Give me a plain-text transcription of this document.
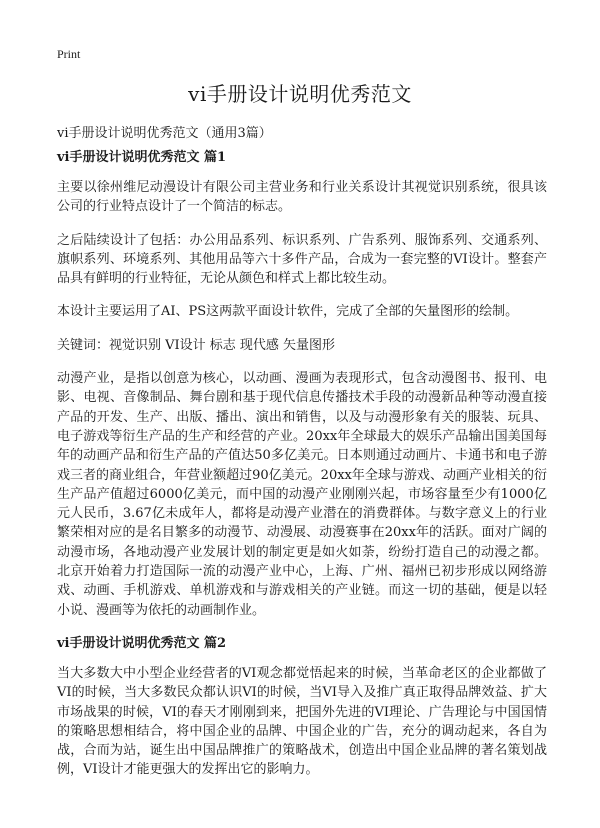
Print
vi手册设计说明优秀范文

vi手册设计说明优秀范文（通用3篇）

vi手册设计说明优秀范文 篇1

主要以徐州维尼动漫设计有限公司主营业务和行业关系设计其视觉识别系统，很具该公司的行业特点设计了一个简洁的标志。

之后陆续设计了包括：办公用品系列、标识系列、广告系列、服饰系列、交通系列、旗帜系列、环境系列、其他用品等六十多件产品，合成为一套完整的VI设计。整套产品具有鲜明的行业特征，无论从颜色和样式上都比较生动。

本设计主要运用了AI、PS这两款平面设计软件，完成了全部的矢量图形的绘制。

关键词：视觉识别 VI设计 标志 现代感 矢量图形

动漫产业，是指以创意为核心，以动画、漫画为表现形式，包含动漫图书、报刊、电影、电视、音像制品、舞台剧和基于现代信息传播技术手段的动漫新品种等动漫直接产品的开发、生产、出版、播出、演出和销售，以及与动漫形象有关的服装、玩具、电子游戏等衍生产品的生产和经营的产业。20xx年全球最大的娱乐产品输出国美国每年的动画产品和衍生产品的产值达50多亿美元。日本则通过动画片、卡通书和电子游戏三者的商业组合，年营业额超过90亿美元。20xx年全球与游戏、动画产业相关的衍生产品产值超过6000亿美元，而中国的动漫产业刚刚兴起，市场容量至少有1000亿元人民币，3.67亿未成年人，都将是动漫产业潜在的消费群体。与数字意义上的行业繁荣相对应的是名目繁多的动漫节、动漫展、动漫赛事在20xx年的活跃。面对广阔的动漫市场，各地动漫产业发展计划的制定更是如火如荼，纷纷打造自己的动漫之都。北京开始着力打造国际一流的动漫产业中心，上海、广州、福州已初步形成以网络游戏、动画、手机游戏、单机游戏和与游戏相关的产业链。而这一切的基础，便是以轻小说、漫画等为依托的动画制作业。

vi手册设计说明优秀范文 篇2

当大多数大中小型企业经营者的VI观念都觉悟起来的时候，当革命老区的企业都做了VI的时候，当大多数民众都认识VI的时候，当VI导入及推广真正取得品牌效益、扩大市场战果的时候，VI的春天才刚刚到来，把国外先进的VI理论、广告理论与中国国情的策略思想相结合，将中国企业的品牌、中国企业的广告，充分的调动起来，各自为战，合而为站，诞生出中国品牌推广的策略战术，创造出中国企业品牌的著名策划战例，VI设计才能更强大的发挥出它的影响力。
